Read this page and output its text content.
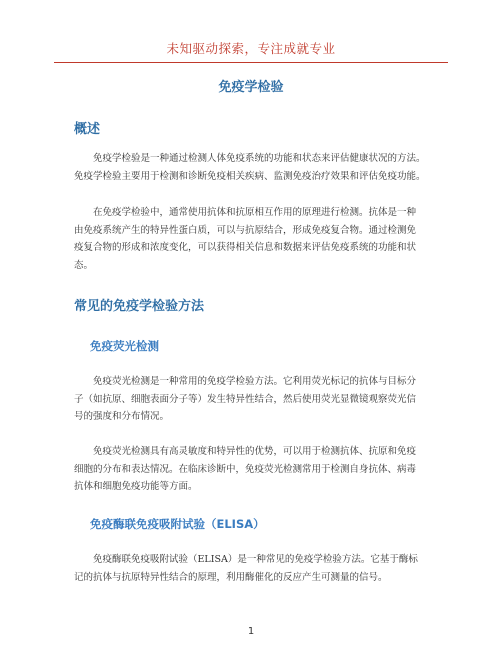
未知驱动探索，专注成就专业
免疫学检验
概述
　　免疫学检验是一种通过检测人体免疫系统的功能和状态来评估健康状况的方法。
免疫学检验主要用于检测和诊断免疫相关疾病、监测免疫治疗效果和评估免疫功能。
　　在免疫学检验中，通常使用抗体和抗原相互作用的原理进行检测。抗体是一种
由免疫系统产生的特异性蛋白质，可以与抗原结合，形成免疫复合物。通过检测免
疫复合物的形成和浓度变化，可以获得相关信息和数据来评估免疫系统的功能和状
态。
常见的免疫学检验方法
免疫荧光检测
　　免疫荧光检测是一种常用的免疫学检验方法。它利用荧光标记的抗体与目标分
子（如抗原、细胞表面分子等）发生特异性结合，然后使用荧光显微镜观察荧光信
号的强度和分布情况。
　　免疫荧光检测具有高灵敏度和特异性的优势，可以用于检测抗体、抗原和免疫
细胞的分布和表达情况。在临床诊断中，免疫荧光检测常用于检测自身抗体、病毒
抗体和细胞免疫功能等方面。
免疫酶联免疫吸附试验（ELISA）
　　免疫酶联免疫吸附试验（ELISA）是一种常见的免疫学检验方法。它基于酶标
记的抗体与抗原特异性结合的原理，利用酶催化的反应产生可测量的信号。
1
